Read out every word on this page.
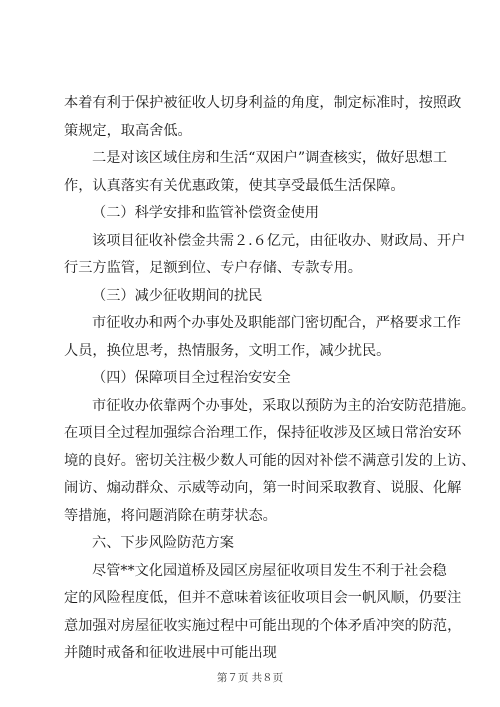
本着有利于保护被征收人切身利益的角度，制定标准时，按照政
策规定，取高舍低。
二是对该区域住房和生活“双困户”调查核实，做好思想工
作，认真落实有关优惠政策，使其享受最低生活保障。
（二）科学安排和监管补偿资金使用
该项目征收补偿金共需２.６亿元，由征收办、财政局、开户
行三方监管，足额到位、专户存储、专款专用。
（三）减少征收期间的扰民
市征收办和两个办事处及职能部门密切配合，严格要求工作
人员，换位思考，热情服务，文明工作，减少扰民。
（四）保障项目全过程治安安全
市征收办依靠两个办事处，采取以预防为主的治安防范措施。
在项目全过程加强综合治理工作，保持征收涉及区域日常治安环
境的良好。密切关注极少数人可能的因对补偿不满意引发的上访、
闹访、煽动群众、示威等动向，第一时间采取教育、说服、化解
等措施，将问题消除在萌芽状态。
六、下步风险防范方案
尽管**文化园道桥及园区房屋征收项目发生不利于社会稳
定的风险程度低，但并不意味着该征收项目会一帆风顺，仍要注
意加强对房屋征收实施过程中可能出现的个体矛盾冲突的防范，
并随时戒备和征收进展中可能出现
第７页 共８页
